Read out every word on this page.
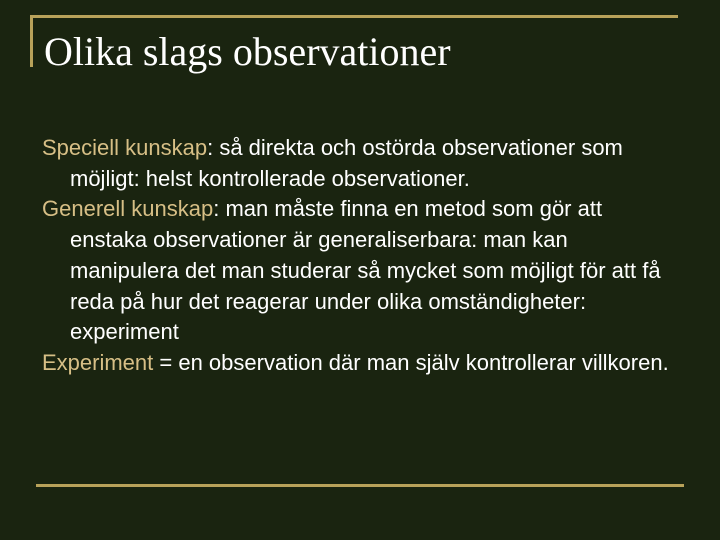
Olika slags observationer

Speciell kunskap: så direkta och ostörda observationer som möjligt: helst kontrollerade observationer.

Generell kunskap: man måste finna en metod som gör att enstaka observationer är generaliserbara: man kan manipulera det man studerar så mycket som möjligt för att få reda på hur det reagerar under olika omständigheter: experiment

Experiment = en observation där man själv kontrollerar villkoren.
